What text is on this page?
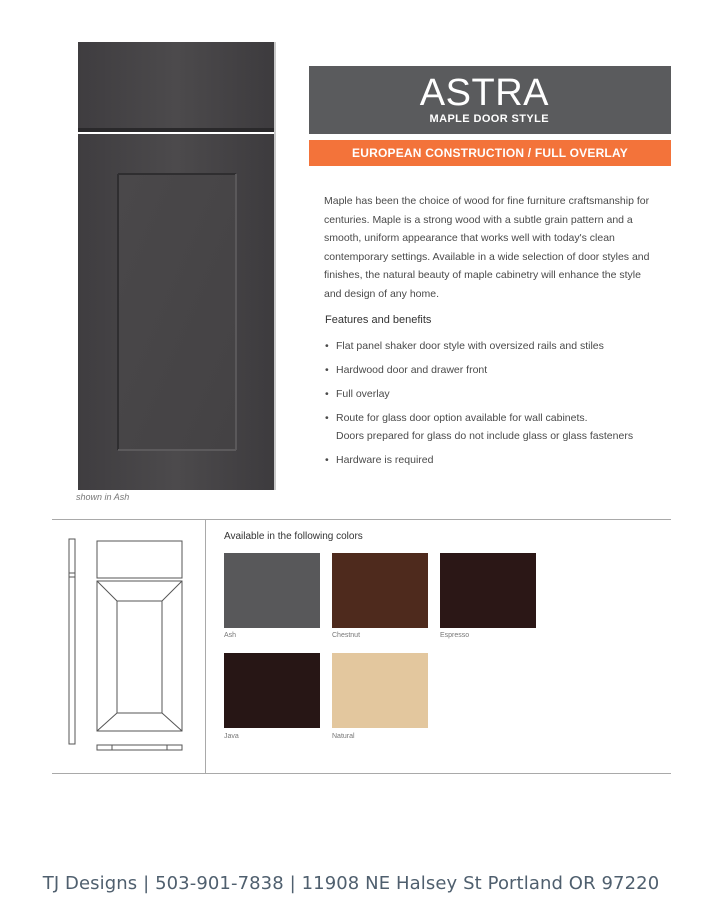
shown in Ash
ASTRA
MAPLE DOOR STYLE
EUROPEAN CONSTRUCTION / FULL OVERLAY
Maple has been the choice of wood for fine furniture craftsmanship for centuries. Maple is a strong wood with a subtle grain pattern and a smooth, uniform appearance that works well with today's clean contemporary settings. Available in a wide selection of door styles and finishes, the natural beauty of maple cabinetry will enhance the style and design of any home.
Features and benefits
• Flat panel shaker door style with oversized rails and stiles
• Hardwood door and drawer front
• Full overlay
• Route for glass door option available for wall cabinets.
Doors prepared for glass do not include glass or glass fasteners
• Hardware is required
Available in the following colors
Ash	Chestnut	Espresso
Java	Natural
TJ Designs | 503-901-7838 | 11908 NE Halsey St Portland OR 97220
